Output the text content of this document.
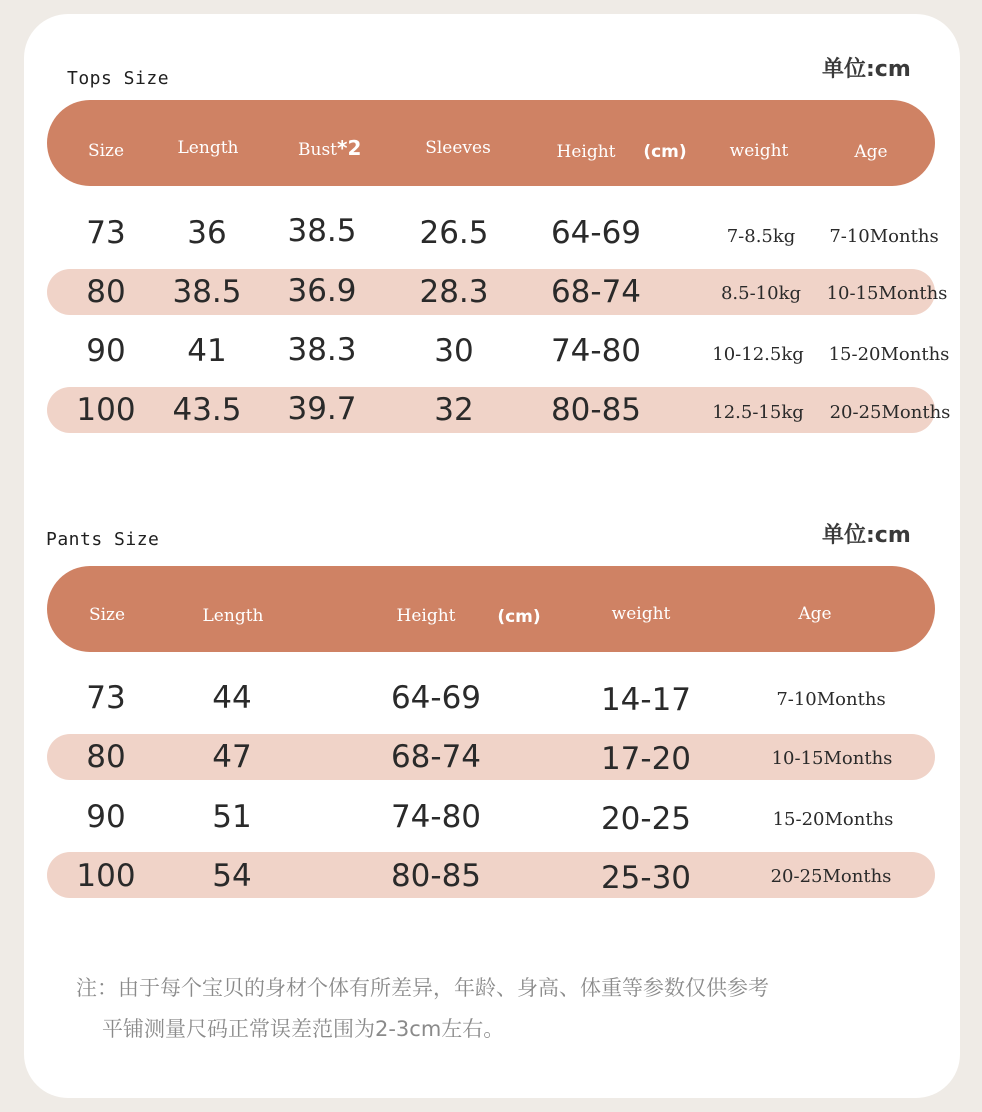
Tops Size	单位:cm
Size	Length	Bust*2	Sleeves	Height (cm)	weight	Age
73 36 38.5 26.5 64-69	7-8.5kg 7-10Months
80 38.5 36.9 28.3 68-74	8.5-10kg 10-15Months
90 41 38.3	30 74-80	10-12.5kg 15-20Months
100 43.5 39.7	32 80-85	12.5-15kg 20-25Months
Pants Size	单位:cm
Size	Length	Height (cm)	weight	Age
73	44	64-69	14-17	7-10Months
80	47	68-74	17-20	10-15Months
90	51	74-80	20-25	15-20Months
100 54	80-85	25-30	20-25Months
注：由于每个宝贝的身材个体有所差异，年龄、身高、体重等参数仅供参考
平铺测量尺码正常误差范围为2-3cm左右。
